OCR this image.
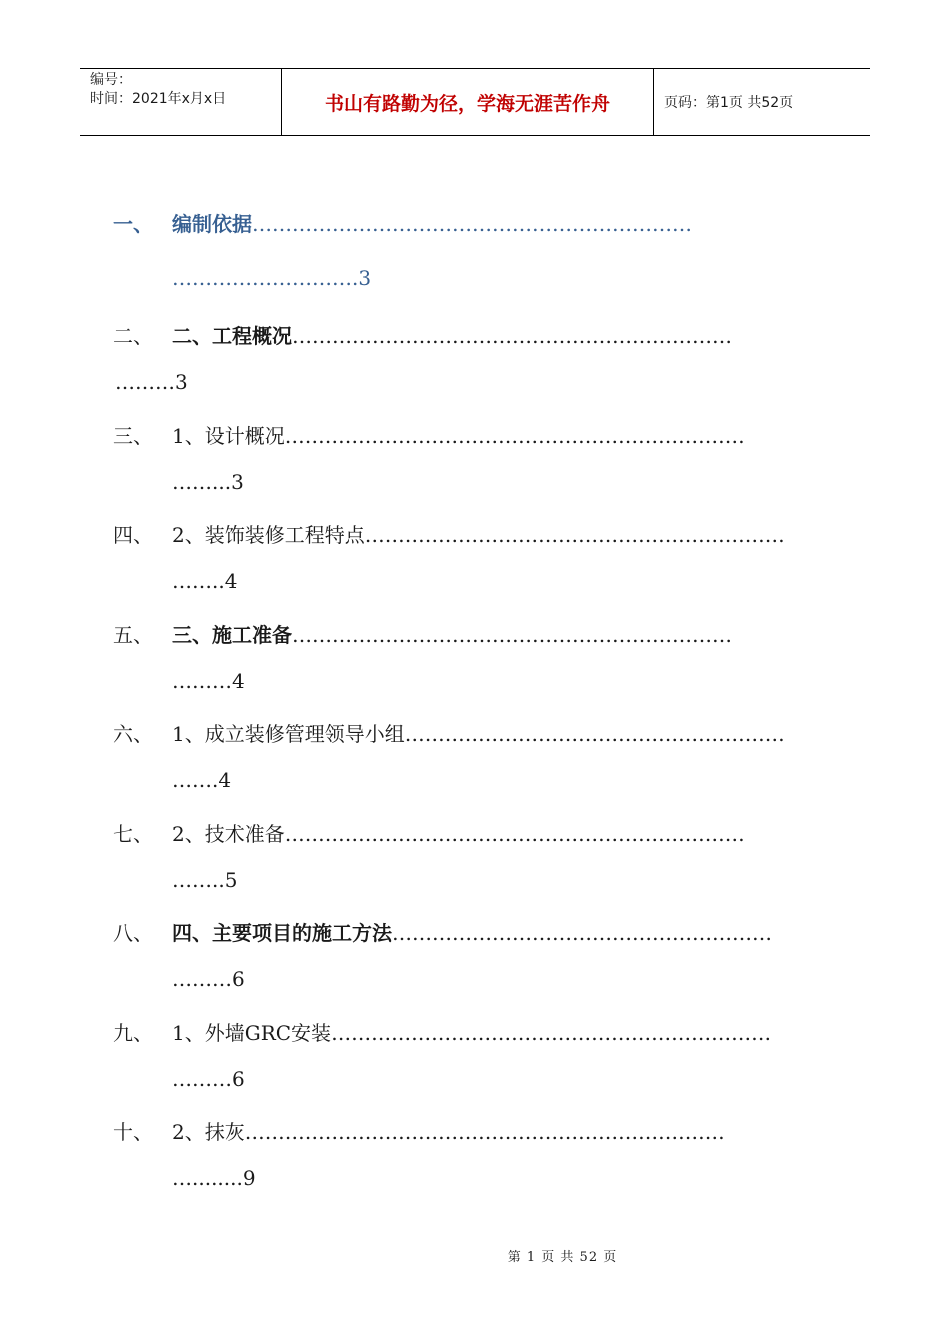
编号：
时间：2021年x月x日	书山有路勤为径，学海无涯苦作舟	页码：第1页 共52页
一、 编制依据…………………………………………………………
……………………….3
二、 二、工程概况…………………………………………………………
………3
三、 1、设计概况……………………………………………………………
……...3
四、 2、装饰装修工程特点………………………………………………………
……..4
五、 三、施工准备…………………………………………………………
………4
六、 1、成立装修管理领导小组…………………………………………………
…….4
七、 2、技术准备……………………………………………………………
……..5
八、 四、主要项目的施工方法…………………………………………………
………6
九、 1、外墙GRC安装…………………………………………………………
………6
十、 2、抹灰………………………………………………………………
…........9
第 1 页 共 52 页
